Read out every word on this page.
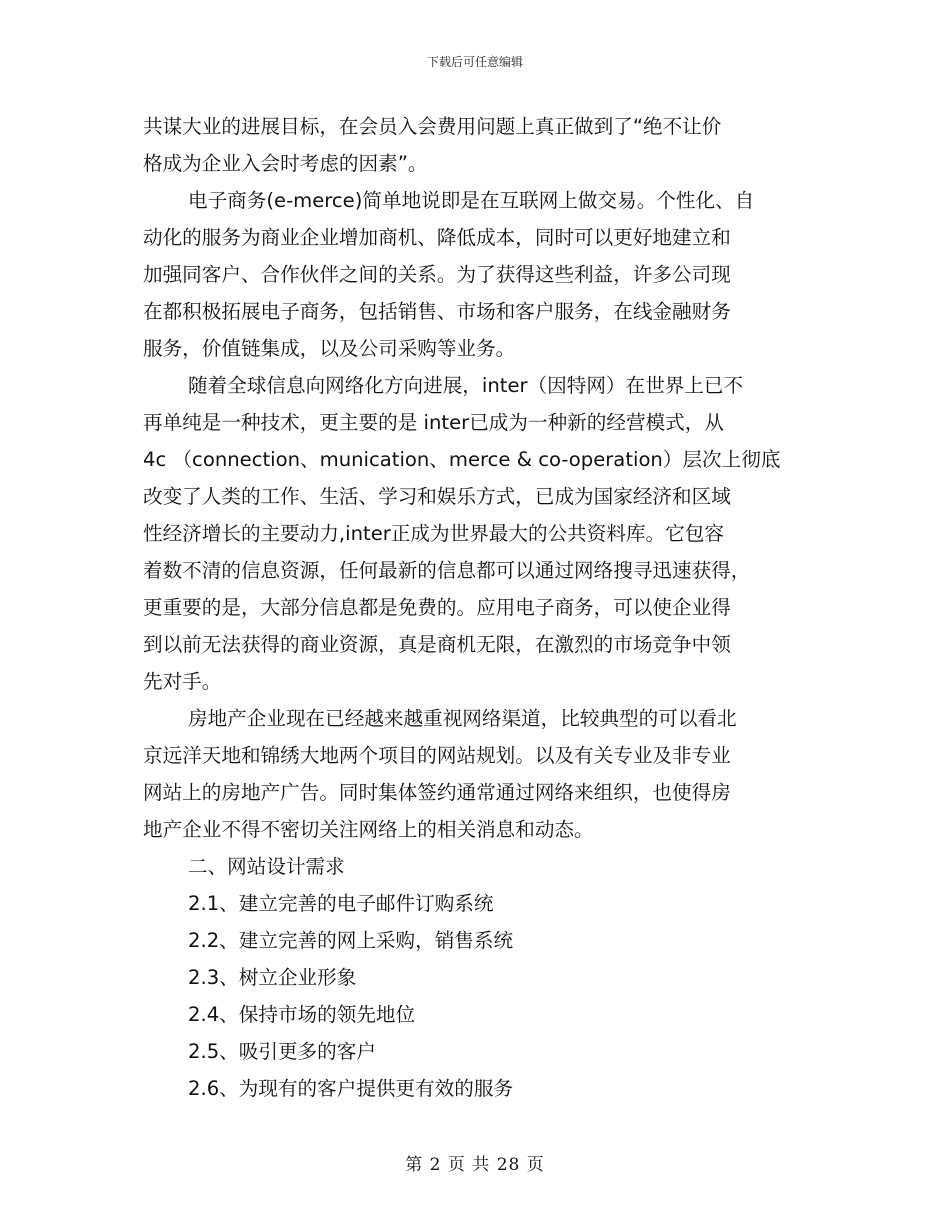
下载后可任意编辑
共谋大业的进展目标，在会员入会费用问题上真正做到了“绝不让价
格成为企业入会时考虑的因素”。
电子商务(e-merce)简单地说即是在互联网上做交易。个性化、自
动化的服务为商业企业增加商机、降低成本，同时可以更好地建立和
加强同客户、合作伙伴之间的关系。为了获得这些利益，许多公司现
在都积极拓展电子商务，包括销售、市场和客户服务，在线金融财务
服务，价值链集成，以及公司采购等业务。
随着全球信息向网络化方向进展，inter（因特网）在世界上已不
再单纯是一种技术，更主要的是 inter已成为一种新的经营模式，从
4c （connection、munication、merce & co-operation）层次上彻底
改变了人类的工作、生活、学习和娱乐方式，已成为国家经济和区域
性经济增长的主要动力,inter正成为世界最大的公共资料库。它包容
着数不清的信息资源，任何最新的信息都可以通过网络搜寻迅速获得，
更重要的是，大部分信息都是免费的。应用电子商务，可以使企业得
到以前无法获得的商业资源，真是商机无限，在激烈的市场竞争中领
先对手。
房地产企业现在已经越来越重视网络渠道，比较典型的可以看北
京远洋天地和锦绣大地两个项目的网站规划。以及有关专业及非专业
网站上的房地产广告。同时集体签约通常通过网络来组织，也使得房
地产企业不得不密切关注网络上的相关消息和动态。
二、网站设计需求
2.1、建立完善的电子邮件订购系统
2.2、建立完善的网上采购，销售系统
2.3、树立企业形象
2.4、保持市场的领先地位
2.5、吸引更多的客户
2.6、为现有的客户提供更有效的服务
第 2 页 共 28 页
